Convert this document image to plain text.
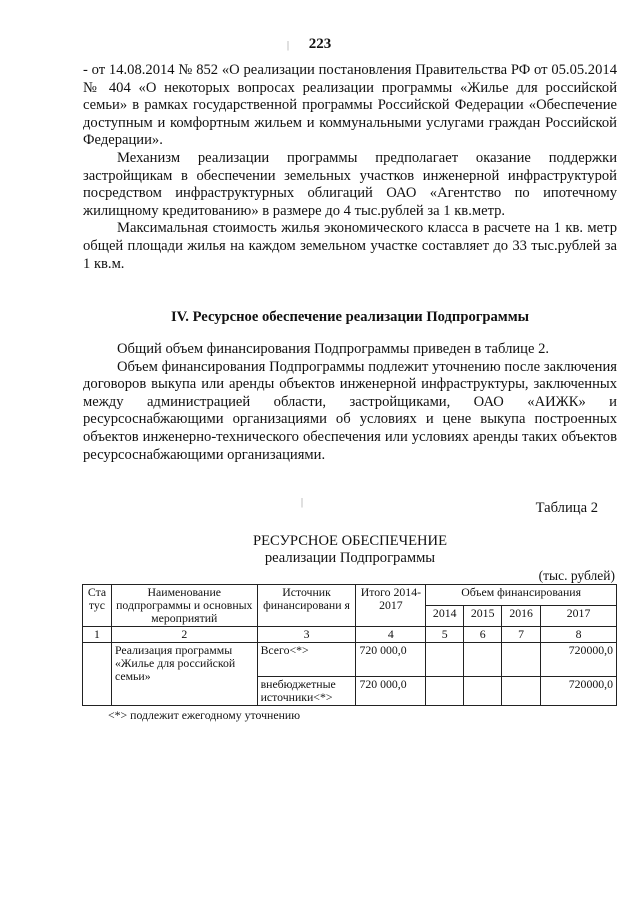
223
|
|

- от 14.08.2014 № 852 «О реализации постановления Правительства РФ от 05.05.2014 № 404 «О некоторых вопросах реализации программы «Жилье для российской семьи» в рамках государственной программы Российской Федерации «Обеспечение доступным и комфортным жильем и коммунальными услугами граждан Российской Федерации».

Механизм реализации программы предполагает оказание поддержки застройщикам в обеспечении земельных участков инженерной инфраструктурой посредством инфраструктурных облигаций ОАО «Агентство по ипотечному жилищному кредитованию» в размере до 4 тыс.рублей за 1 кв.метр.

Максимальная стоимость жилья экономического класса в расчете на 1 кв. метр общей площади жилья на каждом земельном участке составляет до 33 тыс.рублей за 1 кв.м.

IV. Ресурсное обеспечение реализации Подпрограммы

Общий объем финансирования Подпрограммы приведен в таблице 2.

Объем финансирования Подпрограммы подлежит уточнению после заключения договоров выкупа или аренды объектов инженерной инфраструктуры, заключенных между администрацией области, застройщиками, ОАО «АИЖК» и ресурсоснабжающими организациями об условиях и цене выкупа построенных объектов инженерно-технического обеспечения или условиях аренды таких объектов ресурсоснабжающими организациями.

Таблица 2
РЕСУРСНОЕ ОБЕСПЕЧЕНИЕ
реализации Подпрограммы
(тыс. рублей)
Ста тус	Наименование подпрограммы и основных мероприятий	Источник финансировани я	Итого 2014-2017	Объем финансирования			
				2014	2015	2016	2017
1	2	3	4	5	6	7	8
	Реализация программы «Жилье для российской семьи»	Всего<*>	720 000,0				720000,0
		внебюджетные источники<*>	720 000,0				720000,0
<*> подлежит ежегодному уточнению
